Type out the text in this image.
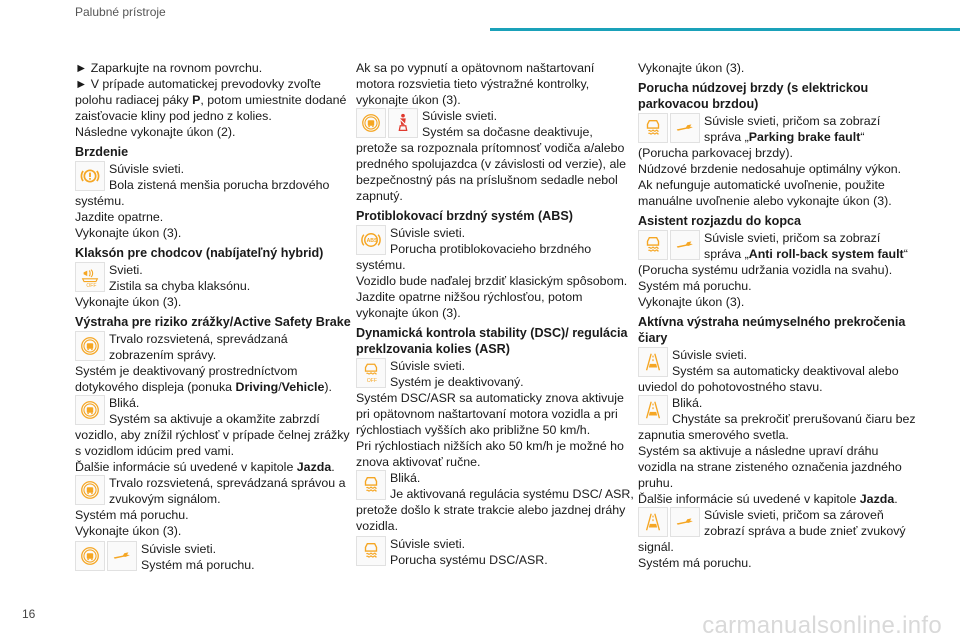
Palubné prístroje

► Zaparkujte na rovnom povrchu.

► V prípade automatickej prevodovky zvoľte polohu radiacej páky P, potom umiestnite dodané zaisťovacie kliny pod jedno z kolies.

Následne vykonajte úkon (2).

Brzdenie

Súvisle svieti.

Bola zistená menšia porucha brzdového systému.

Jazdite opatrne.

Vykonajte úkon (3).

Klaksón pre chodcov (nabíjateľný hybrid)

Svieti.

Zistila sa chyba klaksónu.

Vykonajte úkon (3).

Výstraha pre riziko zrážky/Active Safety Brake

Trvalo rozsvietená, sprevádzaná zobrazením správy.

Systém je deaktivovaný prostredníctvom dotykového displeja (ponuka Driving/Vehicle).

Bliká.

Systém sa aktivuje a okamžite zabrzdí vozidlo, aby znížil rýchlosť v prípade čelnej zrážky s vozidlom idúcim pred vami.

Ďalšie informácie sú uvedené v kapitole Jazda.

Trvalo rozsvietená, sprevádzaná správou a zvukovým signálom.

Systém má poruchu.

Vykonajte úkon (3).

Súvisle svieti.

Systém má poruchu.

Ak sa po vypnutí a opätovnom naštartovaní motora rozsvietia tieto výstražné kontrolky, vykonajte úkon (3).

Súvisle svieti.

Systém sa dočasne deaktivuje, pretože sa rozpoznala prítomnosť vodiča a/alebo predného spolujazdca (v závislosti od verzie), ale bezpečnostný pás na príslušnom sedadle nebol zapnutý.

Protiblokovací brzdný systém (ABS)

Súvisle svieti.

Porucha protiblokovacieho brzdného systému.

Vozidlo bude naďalej brzdiť klasickým spôsobom.

Jazdite opatrne nižšou rýchlosťou, potom vykonajte úkon (3).

Dynamická kontrola stability (DSC)/ regulácia preklzovania kolies (ASR)

Súvisle svieti.

Systém je deaktivovaný.

Systém DSC/ASR sa automaticky znova aktivuje pri opätovnom naštartovaní motora vozidla a pri rýchlostiach vyšších ako približne 50 km/h.

Pri rýchlostiach nižších ako 50 km/h je možné ho znova aktivovať ručne.

Bliká.

Je aktivovaná regulácia systému DSC/ ASR, pretože došlo k strate trakcie alebo jazdnej dráhy vozidla.

Súvisle svieti.

Porucha systému DSC/ASR.

Vykonajte úkon (3).

Porucha núdzovej brzdy (s elektrickou parkovacou brzdou)

Súvisle svieti, pričom sa zobrazí správa „Parking brake fault“ (Porucha parkovacej brzdy).

Núdzové brzdenie nedosahuje optimálny výkon.

Ak nefunguje automatické uvoľnenie, použite manuálne uvoľnenie alebo vykonajte úkon (3).

Asistent rozjazdu do kopca

Súvisle svieti, pričom sa zobrazí správa „Anti roll-back system fault“ (Porucha systému udržania vozidla na svahu).

Systém má poruchu.

Vykonajte úkon (3).

Aktívna výstraha neúmyselného prekročenia čiary

Súvisle svieti.

Systém sa automaticky deaktivoval alebo uviedol do pohotovostného stavu.

Bliká.

Chystáte sa prekročiť prerušovanú čiaru bez zapnutia smerového svetla.

Systém sa aktivuje a následne upraví dráhu vozidla na strane zisteného označenia jazdného pruhu.

Ďalšie informácie sú uvedené v kapitole Jazda.

Súvisle svieti, pričom sa zároveň zobrazí správa a bude znieť zvukový signál.

Systém má poruchu.

16	carmanualsonline.info
